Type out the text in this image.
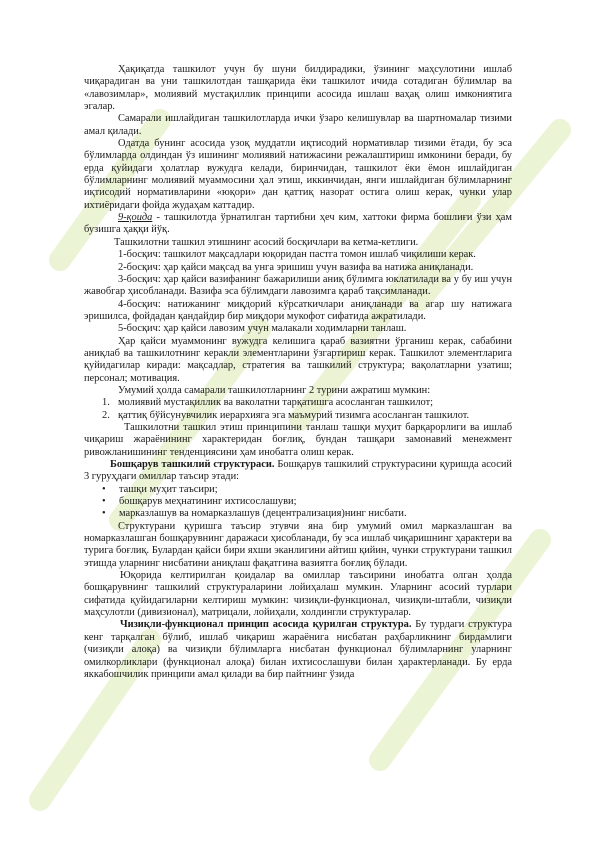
Ҳақиқатда ташкилот учун бу шуни билдирадики, ўзининг маҳсулотини ишлаб чиқарадиган ва уни ташкилотдан ташқарида ёки ташкилот ичида сотадиган бўлимлар ва «лавозимлар», молиявий мустақиллик принципи асосида ишлаш ваҳақ олиш имкониятига эгалар.

Самарали ишлайдиган ташкилотларда ички ўзаро келишувлар ва шартномалар тизими амал қилади.

Одатда бунинг асосида узоқ муддатли иқтисодий нормативлар тизими ётади, бу эса бўлимларда олдиндан ўз ишининг молиявий натижасини режалаштириш имконини беради, бу ерда қуйидаги ҳолатлар вужудга келади, биринчидан, ташкилот ёки ёмон ишлайдиган бўлимларнинг молиявий муаммосини ҳал этиш, иккинчидан, янги ишлайдиган бўлимларнинг иқтисодий нормативларини «юқори» дан қаттиқ назорат остига олиш керак, чунки улар ихтиёридаги фойда жудаҳам каттадир.

9-қоида - ташкилотда ўрнатилган тартибни ҳеч ким, хаттоки фирма бошлиғи ўзи ҳам бузишга ҳаққи йўқ.

Ташкилотни ташкил этишнинг асосий босқичлари ва кетма-кетлиги.

1-босқич: ташкилот мақсадлари юқоридан пастга томон ишлаб чиқилиши керак.

2-босқич: ҳар қайси мақсад ва унга эришиш учун вазифа ва натижа аниқланади.

3-босқич: ҳар қайси вазифанинг бажарилиши аниқ бўлимга юклатилади ва у бу иш учун жавобгар ҳисобланади. Вазифа эса бўлимдаги лавозимга қараб тақсимланади.

4-босқич: натижанинг миқдорий кўрсаткичлари аниқланади ва агар шу натижага эришилса, фойдадан қандайдир бир миқдори мукофот сифатида ажратилади.

5-босқич: ҳар қайси лавозим учун малакали ходимларни танлаш.

Ҳар қайси муаммонинг вужудга келишига қараб вазиятни ўрганиш керак, сабабини аниқлаб ва ташкилотнинг керакли элементларини ўзгартириш керак. Ташкилот элементларига қуйидагилар киради: мақсадлар, стратегия ва ташкилий структура; вақолатларни узатиш; персонал; мотивация.

Умумий ҳолда самарали ташкилотларнинг 2 турини ажратиш мумкин:

1. молиявий мустақиллик ва ваколатни тарқатишга асосланган ташкилот;
2. қаттиқ бўйсунувчилик иерархияга эга маъмурий тизимга асосланган ташкилот.

Ташкилотни ташкил этиш принципини танлаш ташқи муҳит барқарорлиги ва ишлаб чиқариш жараёнининг характеридан боғлиқ, бундан ташқари замонавий менежмент ривожланишининг тенденциясини ҳам инобатга олиш керак.

Бошқарув ташкилий структураси. Бошқарув ташкилий структурасини қуришда асосий 3 гуруҳдаги омиллар таъсир этади:

•	ташқи муҳит таъсири;
•	бошқарув меҳнатининг ихтисослашуви;
•	марказлашув ва номарказлашув (децентрализация)нинг нисбати.

Структурани қуришга таъсир этувчи яна бир умумий омил марказлашган ва номарказлашган бошқарувнинг даражаси ҳисобланади, бу эса ишлаб чиқаришнинг ҳарактери ва турига боғлиқ. Булардан қайси бири яхши эканлигини айтиш қийин, чунки структурани ташкил этишда уларнинг нисбатини аниқлаш фақатгина вазиятга боғлиқ бўлади.

Юқорида келтирилган қоидалар ва омиллар таъсирини инобатга олган ҳолда бошқарувнинг ташкилий структураларини лойиҳалаш мумкин. Уларнинг асосий турлари сифатида қуйидагиларни келтириш мумкин: чизиқли-функционал, чизиқли-штабли, чизиқли маҳсулотли (дивизионал), матрицали, лойиҳали, холдингли структуралар.

Чизиқли-функционал принцип асосида қурилган структура. Бу турдаги структура кенг тарқалган бўлиб, ишлаб чиқариш жараёнига нисбатан раҳбарликнинг бирдамлиги (чизиқли алоқа) ва чизиқли бўлимларга нисбатан функционал бўлимларнинг уларнинг омилкорликлари (функционал алоқа) билан ихтисослашуви билан ҳарактерланади. Бу ерда яккабошчилик принципи амал қилади ва бир пайтнинг ўзида
